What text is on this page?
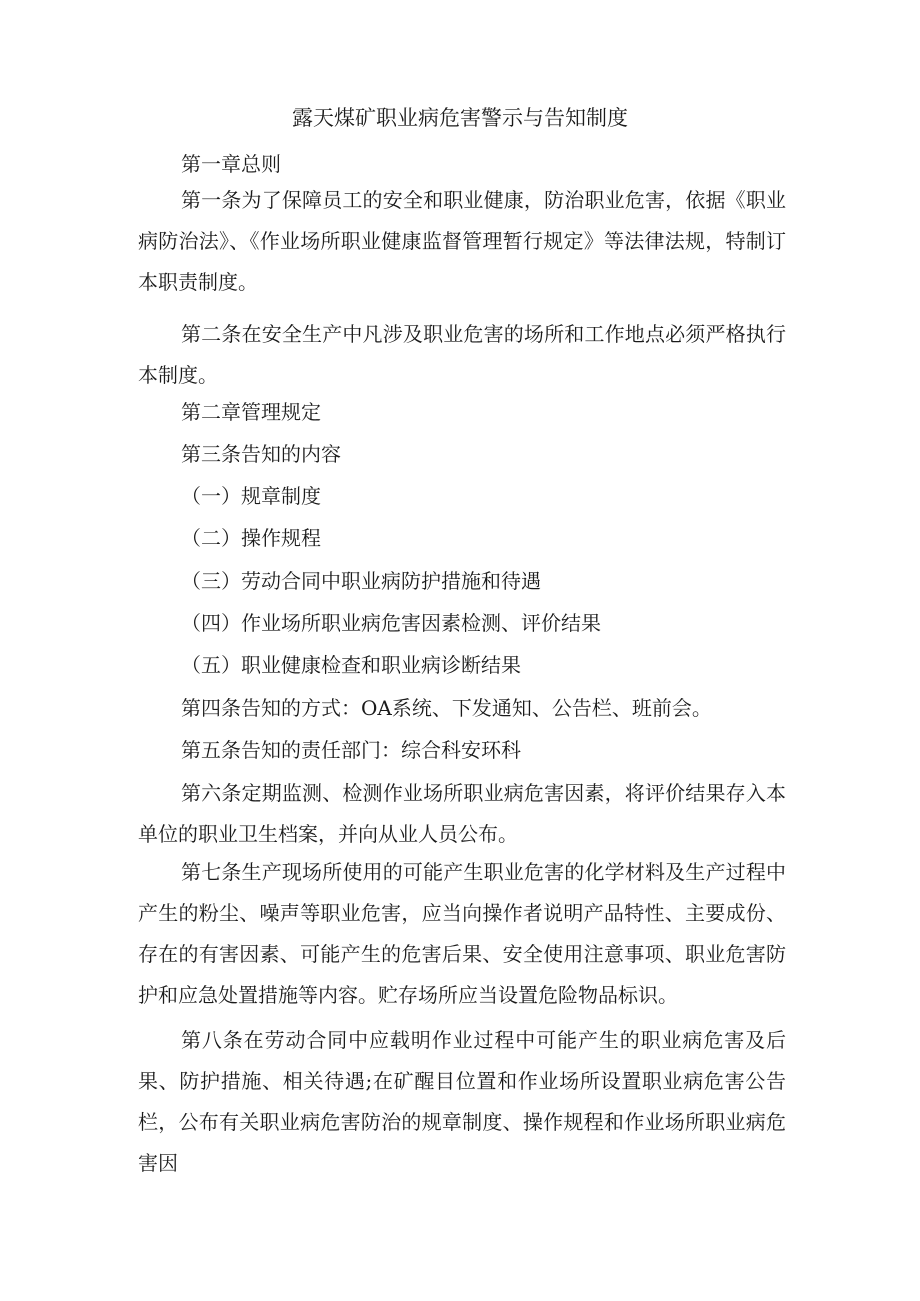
露天煤矿职业病危害警示与告知制度

第一章总则

第一条为了保障员工的安全和职业健康，防治职业危害，依据《职业病防治法》、《作业场所职业健康监督管理暂行规定》等法律法规，特制订本职责制度。

第二条在安全生产中凡涉及职业危害的场所和工作地点必须严格执行本制度。

第二章管理规定

第三条告知的内容

（一）规章制度

（二）操作规程

（三）劳动合同中职业病防护措施和待遇

（四）作业场所职业病危害因素检测、评价结果

（五）职业健康检查和职业病诊断结果

第四条告知的方式：OA系统、下发通知、公告栏、班前会。

第五条告知的责任部门：综合科安环科

第六条定期监测、检测作业场所职业病危害因素，将评价结果存入本单位的职业卫生档案，并向从业人员公布。

第七条生产现场所使用的可能产生职业危害的化学材料及生产过程中产生的粉尘、噪声等职业危害，应当向操作者说明产品特性、主要成份、存在的有害因素、可能产生的危害后果、安全使用注意事项、职业危害防护和应急处置措施等内容。贮存场所应当设置危险物品标识。

第八条在劳动合同中应载明作业过程中可能产生的职业病危害及后果、防护措施、相关待遇;在矿醒目位置和作业场所设置职业病危害公告栏，公布有关职业病危害防治的规章制度、操作规程和作业场所职业病危害因
